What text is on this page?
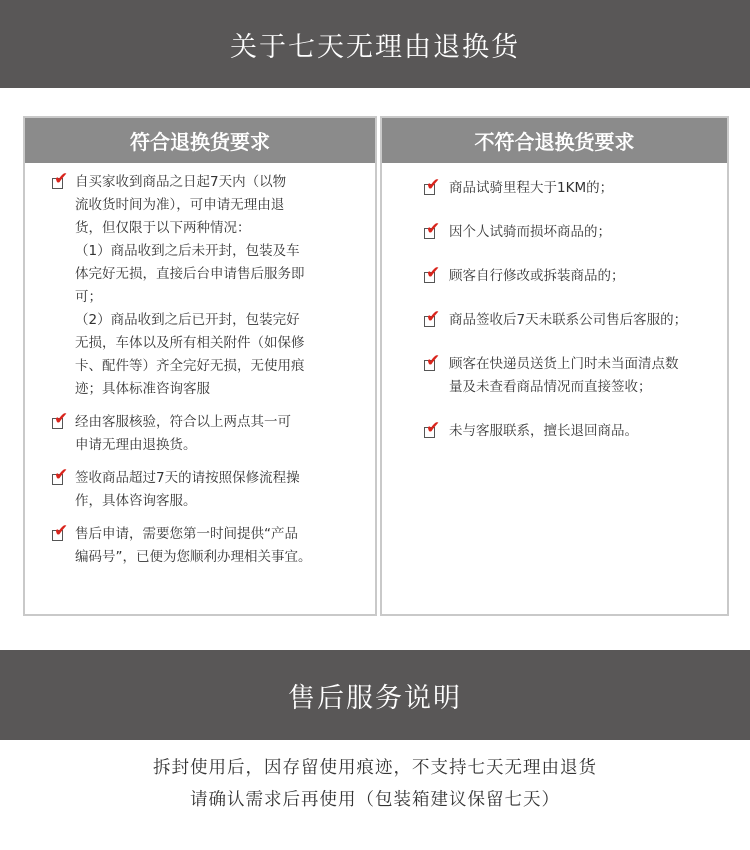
关于七天无理由退换货
符合退换货要求
✔ 自买家收到商品之日起7天内（以物

流收货时间为准），可申请无理由退

货，但仅限于以下两种情况：

（1）商品收到之后未开封，包装及车

体完好无损，直接后台申请售后服务即

可；

（2）商品收到之后已开封，包装完好

无损，车体以及所有相关附件（如保修

卡、配件等）齐全完好无损，无使用痕

迹；具体标准咨询客服

✔ 经由客服核验，符合以上两点其一可

申请无理由退换货。

✔ 签收商品超过7天的请按照保修流程操

作，具体咨询客服。

✔ 售后申请，需要您第一时间提供“产品

编码号”，已便为您顺利办理相关事宜。

不符合退换货要求
✔ 商品试骑里程大于1KM的；

✔ 因个人试骑而损坏商品的；

✔ 顾客自行修改或拆装商品的；

✔ 商品签收后7天未联系公司售后客服的；

✔ 顾客在快递员送货上门时未当面清点数

量及未查看商品情况而直接签收；

✔ 未与客服联系，擅长退回商品。

售后服务说明

拆封使用后，因存留使用痕迹，不支持七天无理由退货

请确认需求后再使用（包装箱建议保留七天）
